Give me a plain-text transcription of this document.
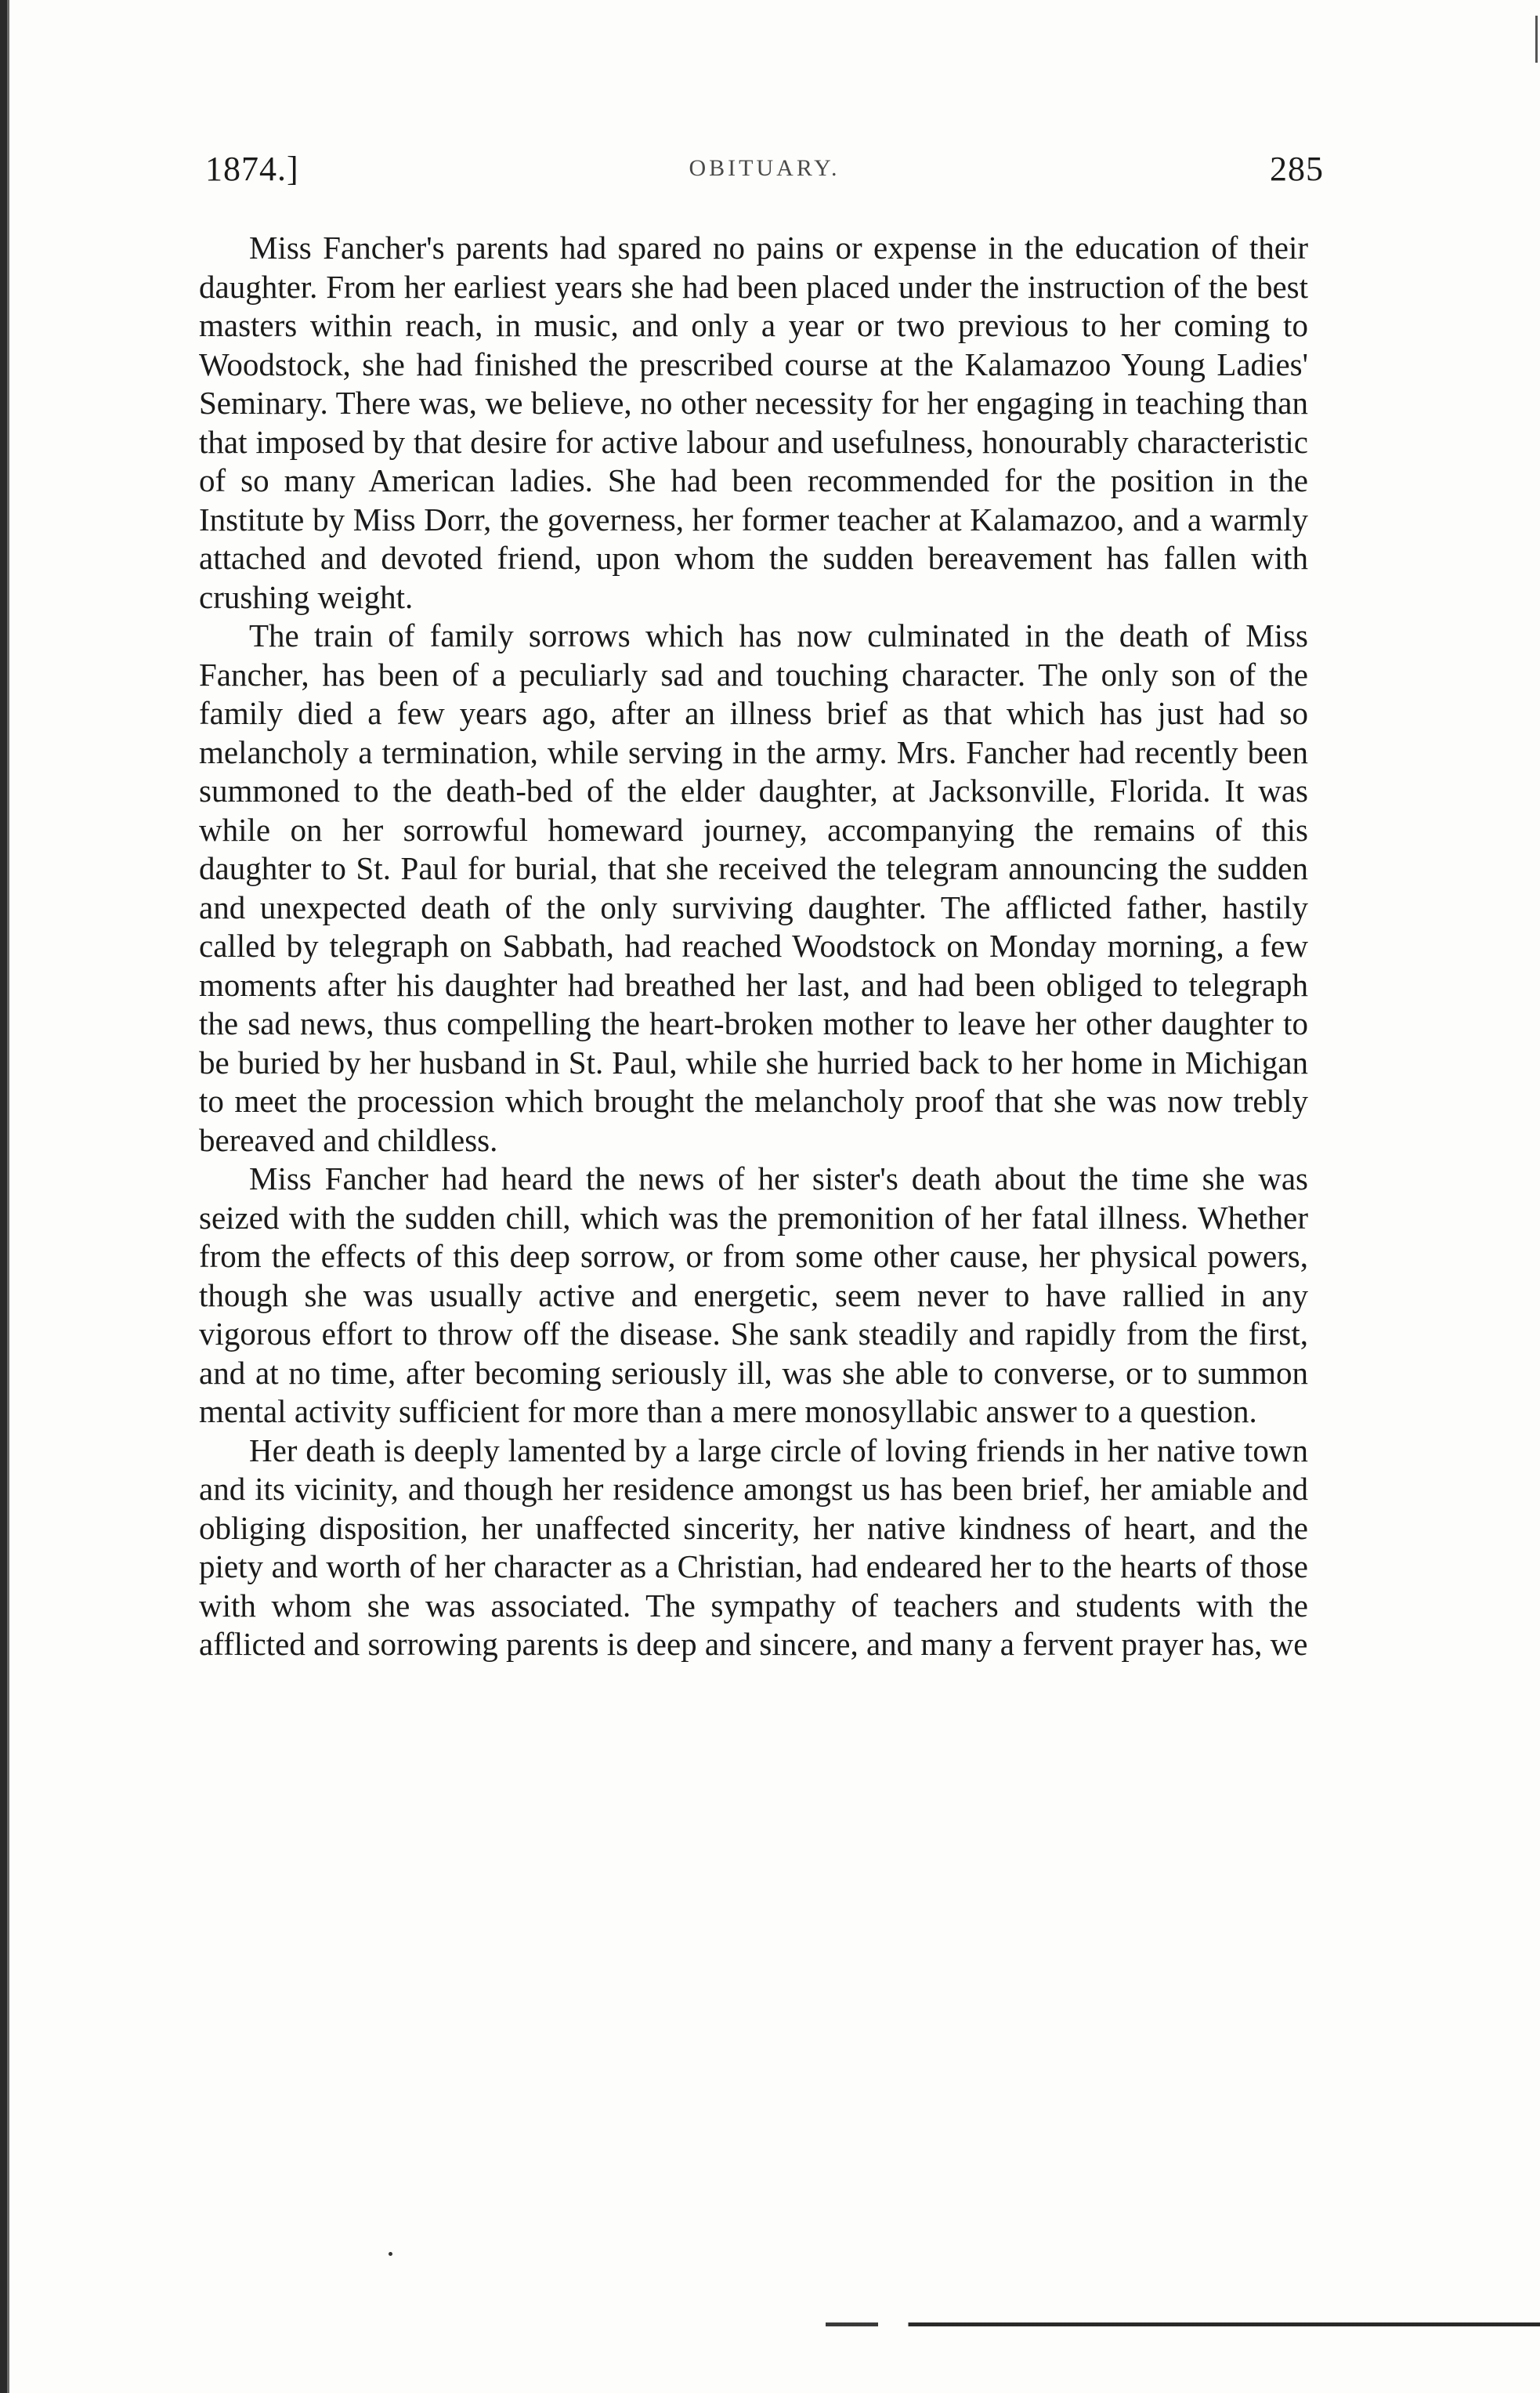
1874.]	OBITUARY.	285

Miss Fancher's parents had spared no pains or expense in the education of their daughter. From her earliest years she had been placed under the instruction of the best masters within reach, in music, and only a year or two previous to her coming to Woodstock, she had finished the prescribed course at the Kalamazoo Young Ladies' Seminary. There was, we believe, no other necessity for her engaging in teaching than that imposed by that desire for active labour and usefulness, honourably characteristic of so many American ladies. She had been recommended for the position in the Institute by Miss Dorr, the governess, her former teacher at Kalamazoo, and a warmly attached and devoted friend, upon whom the sudden bereavement has fallen with crushing weight.

The train of family sorrows which has now culminated in the death of Miss Fancher, has been of a peculiarly sad and touching character. The only son of the family died a few years ago, after an illness brief as that which has just had so melancholy a termination, while serving in the army. Mrs. Fancher had recently been summoned to the death-bed of the elder daughter, at Jacksonville, Florida. It was while on her sorrowful homeward journey, accompanying the remains of this daughter to St. Paul for burial, that she received the telegram announcing the sudden and unexpected death of the only surviving daughter. The afflicted father, hastily called by telegraph on Sabbath, had reached Woodstock on Monday morning, a few moments after his daughter had breathed her last, and had been obliged to telegraph the sad news, thus compelling the heart-broken mother to leave her other daughter to be buried by her husband in St. Paul, while she hurried back to her home in Michigan to meet the procession which brought the melancholy proof that she was now trebly bereaved and childless.

Miss Fancher had heard the news of her sister's death about the time she was seized with the sudden chill, which was the premonition of her fatal illness. Whether from the effects of this deep sorrow, or from some other cause, her physical powers, though she was usually active and energetic, seem never to have rallied in any vigorous effort to throw off the disease. She sank steadily and rapidly from the first, and at no time, after becoming seriously ill, was she able to converse, or to summon mental activity sufficient for more than a mere monosyllabic answer to a question.

Her death is deeply lamented by a large circle of loving friends in her native town and its vicinity, and though her residence amongst us has been brief, her amiable and obliging disposition, her unaffected sincerity, her native kindness of heart, and the piety and worth of her character as a Christian, had endeared her to the hearts of those with whom she was associated. The sympathy of teachers and students with the afflicted and sorrowing parents is deep and sincere, and many a fervent prayer has, we
